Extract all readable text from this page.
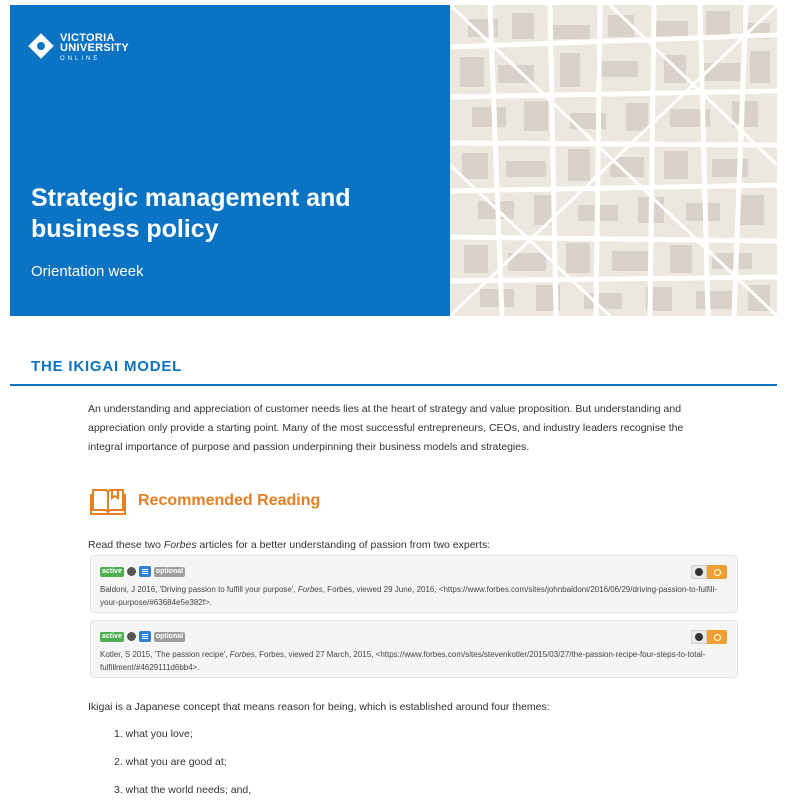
VICTORIA
UNIVERSITY
ONLINE
Strategic management and business policy
Orientation week
THE IKIGAI MODEL

An understanding and appreciation of customer needs lies at the heart of strategy and value proposition. But understanding and appreciation only provide a starting point. Many of the most successful entrepreneurs, CEOs, and industry leaders recognise the integral importance of purpose and passion underpinning their business models and strategies.

Recommended Reading

Read these two Forbes articles for a better understanding of passion from two experts:

active	optional
Baldoni, J 2016, 'Driving passion to fulfill your purpose', Forbes, Forbes, viewed 29 June, 2016, <https://www.forbes.com/sites/johnbaldoni/2016/06/29/driving-passion-to-fulfill-your-purpose/#63684e5e382f>.
active	optional
Kotler, S 2015, 'The passion recipe', Forbes, Forbes, viewed 27 March, 2015, <https://www.forbes.com/sites/stevenkotler/2015/03/27/the-passion-recipe-four-steps-to-total-fulfillment/#4629111d6bb4>.

Ikigai is a Japanese concept that means reason for being, which is established around four themes:

1. what you love;
2. what you are good at;
3. what the world needs; and,
